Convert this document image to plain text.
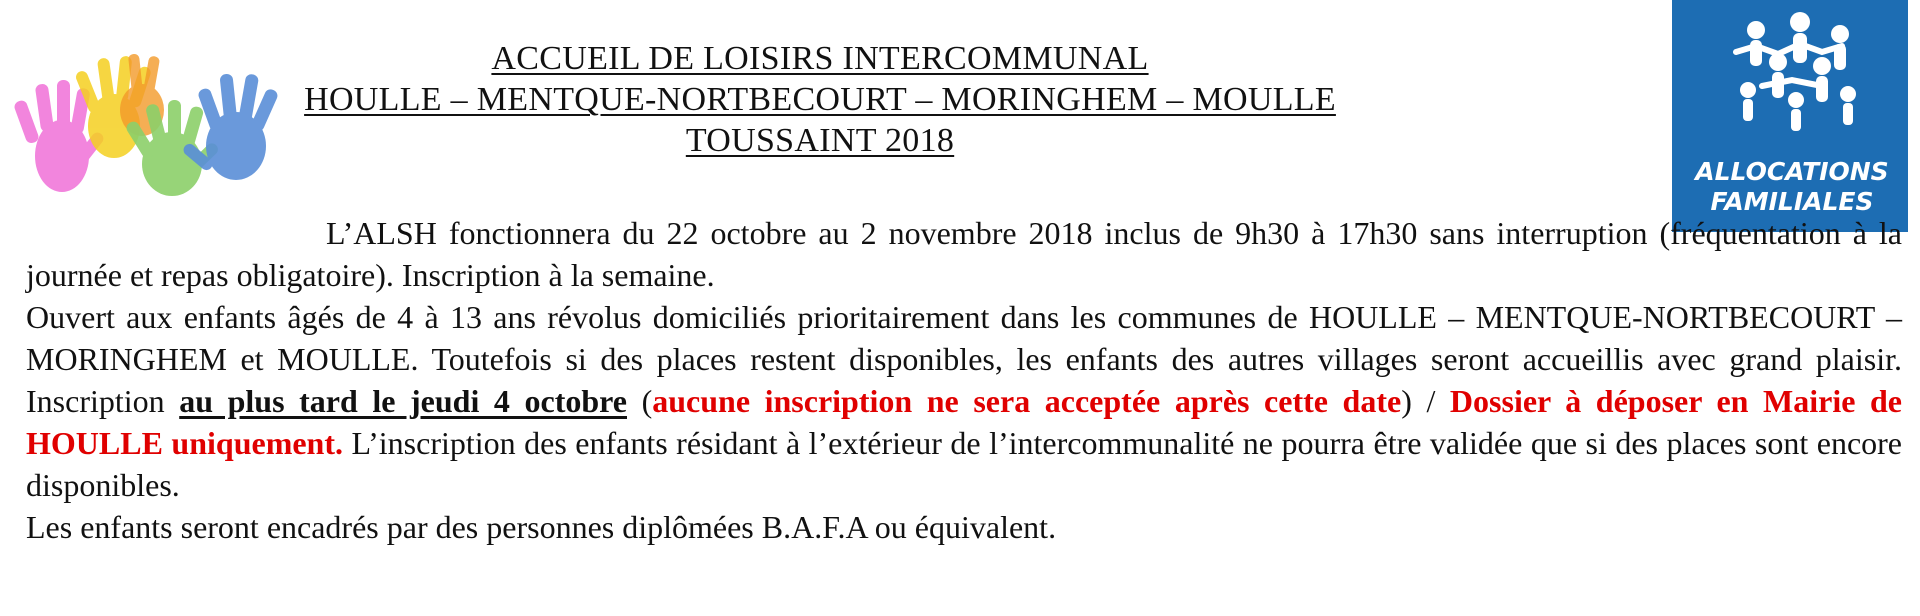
ALLOCATIONS
FAMILIALES
ACCUEIL DE LOISIRS INTERCOMMUNAL
HOULLE – MENTQUE-NORTBECOURT – MORINGHEM – MOULLE
TOUSSAINT 2018

L’ALSH fonctionnera du 22 octobre au 2 novembre 2018 inclus de 9h30 à 17h30 sans interruption (fréquentation à la journée et repas obligatoire). Inscription à la semaine.

Ouvert aux enfants âgés de 4 à 13 ans révolus domiciliés prioritairement dans les communes de HOULLE – MENTQUE-NORTBECOURT – MORINGHEM et MOULLE. Toutefois si des places restent disponibles, les enfants des autres villages seront accueillis avec grand plaisir.

Inscription au plus tard le jeudi 4 octobre (aucune inscription ne sera acceptée après cette date) / Dossier à déposer en Mairie de HOULLE uniquement. L’inscription des enfants résidant à l’extérieur de l’intercommunalité ne pourra être validée que si des places sont encore disponibles.

Les enfants seront encadrés par des personnes diplômées B.A.F.A ou équivalent.
